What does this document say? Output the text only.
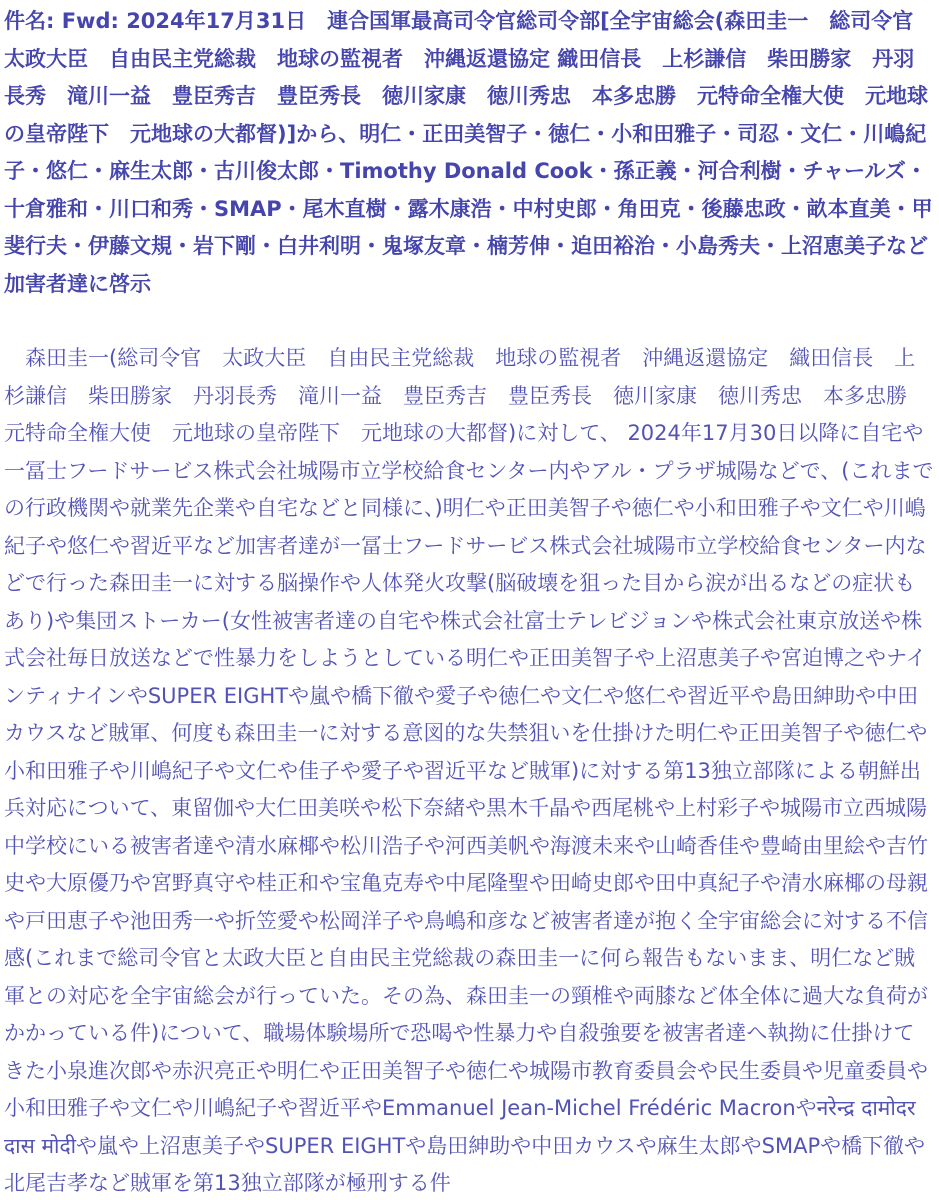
件名: Fwd: 2024年17月31日　連合国軍最高司令官総司令部[全宇宙総会(森田圭一　総司令官　太政大臣　自由民主党総裁　地球の監視者　沖縄返還協定 織田信長　上杉謙信　柴田勝家　丹羽長秀　滝川一益　豊臣秀吉　豊臣秀長　徳川家康　徳川秀忠　本多忠勝　元特命全権大使　元地球の皇帝陛下　元地球の大都督)]から、明仁・正田美智子・徳仁・小和田雅子・司忍・文仁・川嶋紀子・悠仁・麻生太郎・古川俊太郎・Timothy Donald Cook・孫正義・河合利樹・チャールズ・十倉雅和・川口和秀・SMAP・尾木直樹・露木康浩・中村史郎・角田克・後藤忠政・畝本直美・甲斐行夫・伊藤文規・岩下剛・白井利明・鬼塚友章・楠芳伸・迫田裕治・小島秀夫・上沼恵美子など加害者達に啓示

　森田圭一(総司令官　太政大臣　自由民主党総裁　地球の監視者　沖縄返還協定　織田信長　上杉謙信　柴田勝家　丹羽長秀　滝川一益　豊臣秀吉　豊臣秀長　徳川家康　徳川秀忠　本多忠勝　元特命全権大使　元地球の皇帝陛下　元地球の大都督)に対して、 2024年17月30日以降に自宅や一冨士フードサービス株式会社城陽市立学校給食センター内やアル・プラザ城陽などで、(これまでの行政機関や就業先企業や自宅などと同様に、)明仁や正田美智子や徳仁や小和田雅子や文仁や川嶋紀子や悠仁や習近平など加害者達が一冨士フードサービス株式会社城陽市立学校給食センター内などで行った森田圭一に対する脳操作や人体発火攻撃(脳破壊を狙った目から涙が出るなどの症状もあり)や集団ストーカー(女性被害者達の自宅や株式会社富士テレビジョンや株式会社東京放送や株式会社毎日放送などで性暴力をしようとしている明仁や正田美智子や上沼恵美子や宮迫博之やナインティナインやSUPER EIGHTや嵐や橋下徹や愛子や徳仁や文仁や悠仁や習近平や島田紳助や中田カウスなど賊軍、何度も森田圭一に対する意図的な失禁狙いを仕掛けた明仁や正田美智子や徳仁や小和田雅子や川嶋紀子や文仁や佳子や愛子や習近平など賊軍)に対する第13独立部隊による朝鮮出兵対応について、東留伽や大仁田美咲や松下奈緒や黒木千晶や西尾桃や上村彩子や城陽市立西城陽中学校にいる被害者達や清水麻椰や松川浩子や河西美帆や海渡未来や山崎香佳や豊崎由里絵や吉竹史や大原優乃や宮野真守や桂正和や宝亀克寿や中尾隆聖や田崎史郎や田中真紀子や清水麻椰の母親や戸田恵子や池田秀一や折笠愛や松岡洋子や鳥嶋和彦など被害者達が抱く全宇宙総会に対する不信感(これまで総司令官と太政大臣と自由民主党総裁の森田圭一に何ら報告もないまま、明仁など賊軍との対応を全宇宙総会が行っていた。その為、森田圭一の頸椎や両膝など体全体に過大な負荷がかかっている件)について、職場体験場所で恐喝や性暴力や自殺強要を被害者達へ執拗に仕掛けてきた小泉進次郎や赤沢亮正や明仁や正田美智子や徳仁や城陽市教育委員会や民生委員や児童委員や小和田雅子や文仁や川嶋紀子や習近平やEmmanuel Jean-Michel Frédéric Macronやनरेन्द्र दामोदरदास मोदीや嵐や上沼恵美子やSUPER EIGHTや島田紳助や中田カウスや麻生太郎やSMAPや橋下徹や北尾吉孝など賊軍を第13独立部隊が極刑する件
